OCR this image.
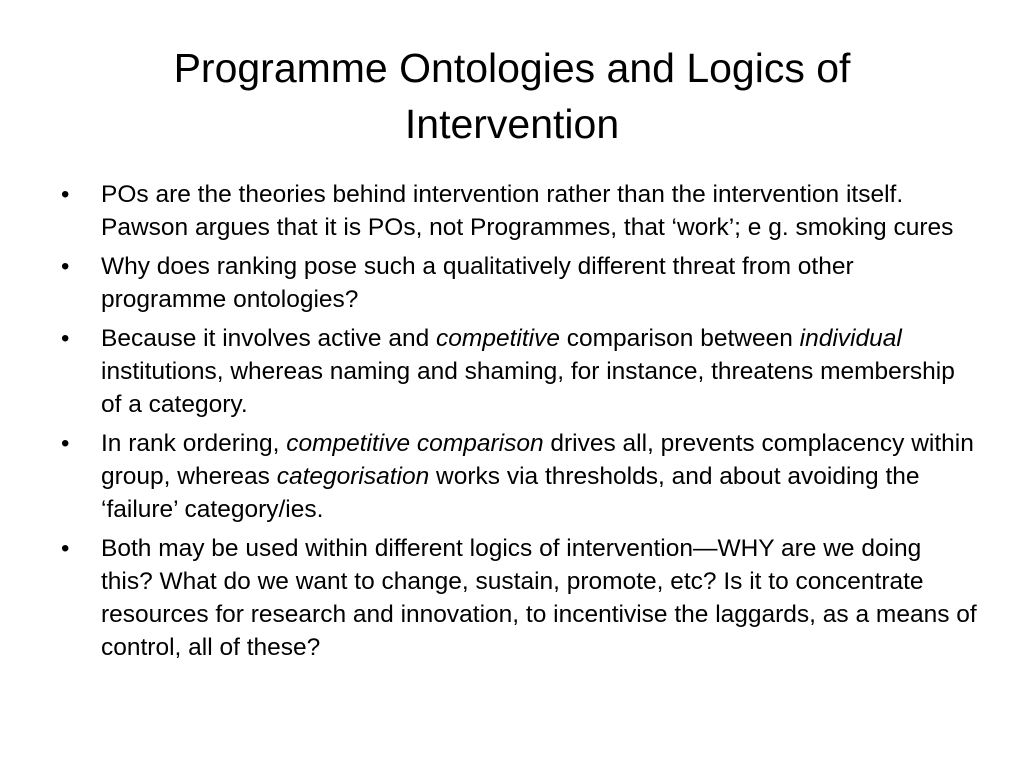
Programme Ontologies and Logics of
Intervention
• POs are the theories behind intervention rather than the intervention itself. Pawson argues that it is POs, not Programmes, that ‘work’; e g. smoking cures
• Why does ranking pose such a qualitatively different threat from other programme ontologies?
• Because it involves active and competitive comparison between individual institutions, whereas naming and shaming, for instance, threatens membership of a category.
• In rank ordering, competitive comparison drives all, prevents complacency within group, whereas categorisation works via thresholds, and about avoiding the ‘failure’ category/ies.
• Both may be used within different logics of intervention—WHY are we doing this? What do we want to change, sustain, promote, etc? Is it to concentrate resources for research and innovation, to incentivise the laggards, as a means of control, all of these?
